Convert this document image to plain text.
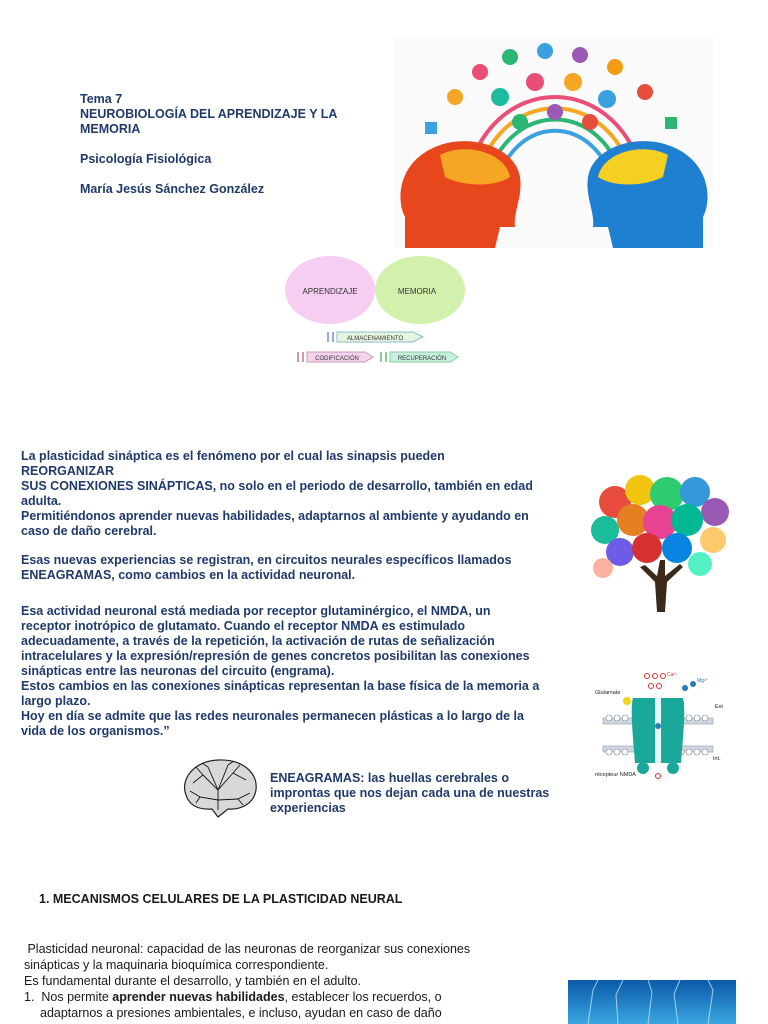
Tema 7
NEUROBIOLOGÍA DEL APRENDIZAJE Y LA MEMORIA
Psicología Fisiológica
María Jesús Sánchez González
APRENDIZAJE	MEMORIA
ALMACENAMIENTO
CODIFICACIÓN	RECUPERACIÓN
La plasticidad sináptica es el fenómeno por el cual las sinapsis pueden REORGANIZAR
SUS CONEXIONES SINÁPTICAS, no solo en el periodo de desarrollo, también en edad
adulta.
Permitiéndonos aprender nuevas habilidades, adaptarnos al ambiente y ayudando en
caso de daño cerebral.
Esas nuevas experiencias se registran, en circuitos neurales específicos llamados
ENEAGRAMAS, como cambios en la actividad neuronal.
Esa actividad neuronal está mediada por receptor glutaminérgico, el NMDA, un
receptor inotrópico de glutamato. Cuando el receptor NMDA es estimulado
adecuadamente, a través de la repetición, la activación de rutas de señalización
intracelulares y la expresión/represión de genes concretos posibilitan las conexiones
sinápticas entre las neuronas del circuito (engrama).
Estos cambios en las conexiones sinápticas representan la base física de la memoria a
largo plazo.
Hoy en día se admite que las redes neuronales permanecen plásticas a lo largo de la
vida de los organismos.”
Glutamate
Ca²⁺
Mg²⁺
Ext
Int.
récepteur NMDA
ENEAGRAMAS: las huellas cerebrales o
improntas que nos dejan cada una de nuestras
experiencias
1. MECANISMOS CELULARES DE LA PLASTICIDAD NEURAL
Plasticidad neuronal: capacidad de las neuronas de reorganizar sus conexiones
sinápticas y la maquinaria bioquímica correspondiente.
Es fundamental durante el desarrollo, y también en el adulto.
1. Nos permite aprender nuevas habilidades, establecer los recuerdos, o
adaptarnos a presiones ambientales, e incluso, ayudan en caso de daño
